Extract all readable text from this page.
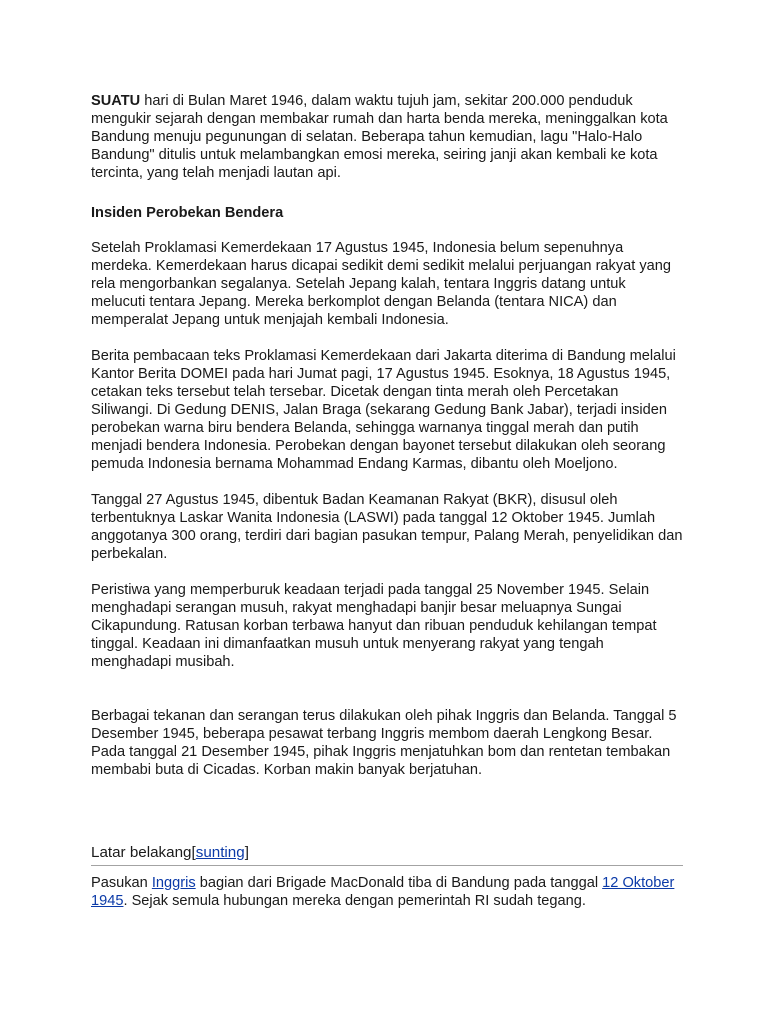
SUATU hari di Bulan Maret 1946, dalam waktu tujuh jam, sekitar 200.000 penduduk mengukir sejarah dengan membakar rumah dan harta benda mereka, meninggalkan kota Bandung menuju pegunungan di selatan. Beberapa tahun kemudian, lagu "Halo-Halo Bandung" ditulis untuk melambangkan emosi mereka, seiring janji akan kembali ke kota tercinta, yang telah menjadi lautan api.

Insiden Perobekan Bendera

Setelah Proklamasi Kemerdekaan 17 Agustus 1945, Indonesia belum sepenuhnya merdeka. Kemerdekaan harus dicapai sedikit demi sedikit melalui perjuangan rakyat yang rela mengorbankan segalanya. Setelah Jepang kalah, tentara Inggris datang untuk melucuti tentara Jepang. Mereka berkomplot dengan Belanda (tentara NICA) dan memperalat Jepang untuk menjajah kembali Indonesia.

Berita pembacaan teks Proklamasi Kemerdekaan dari Jakarta diterima di Bandung melalui Kantor Berita DOMEI pada hari Jumat pagi, 17 Agustus 1945. Esoknya, 18 Agustus 1945, cetakan teks tersebut telah tersebar. Dicetak dengan tinta merah oleh Percetakan Siliwangi. Di Gedung DENIS, Jalan Braga (sekarang Gedung Bank Jabar), terjadi insiden perobekan warna biru bendera Belanda, sehingga warnanya tinggal merah dan putih menjadi bendera Indonesia. Perobekan dengan bayonet tersebut dilakukan oleh seorang pemuda Indonesia bernama Mohammad Endang Karmas, dibantu oleh Moeljono.

Tanggal 27 Agustus 1945, dibentuk Badan Keamanan Rakyat (BKR), disusul oleh terbentuknya Laskar Wanita Indonesia (LASWI) pada tanggal 12 Oktober 1945. Jumlah anggotanya 300 orang, terdiri dari bagian pasukan tempur, Palang Merah, penyelidikan dan perbekalan.

Peristiwa yang memperburuk keadaan terjadi pada tanggal 25 November 1945. Selain menghadapi serangan musuh, rakyat menghadapi banjir besar meluapnya Sungai Cikapundung. Ratusan korban terbawa hanyut dan ribuan penduduk kehilangan tempat tinggal. Keadaan ini dimanfaatkan musuh untuk menyerang rakyat yang tengah menghadapi musibah.

Berbagai tekanan dan serangan terus dilakukan oleh pihak Inggris dan Belanda. Tanggal 5 Desember 1945, beberapa pesawat terbang Inggris membom daerah Lengkong Besar. Pada tanggal 21 Desember 1945, pihak Inggris menjatuhkan bom dan rentetan tembakan membabi buta di Cicadas. Korban makin banyak berjatuhan.

Latar belakang[sunting]

Pasukan Inggris bagian dari Brigade MacDonald tiba di Bandung pada tanggal 12 Oktober 1945. Sejak semula hubungan mereka dengan pemerintah RI sudah tegang.
